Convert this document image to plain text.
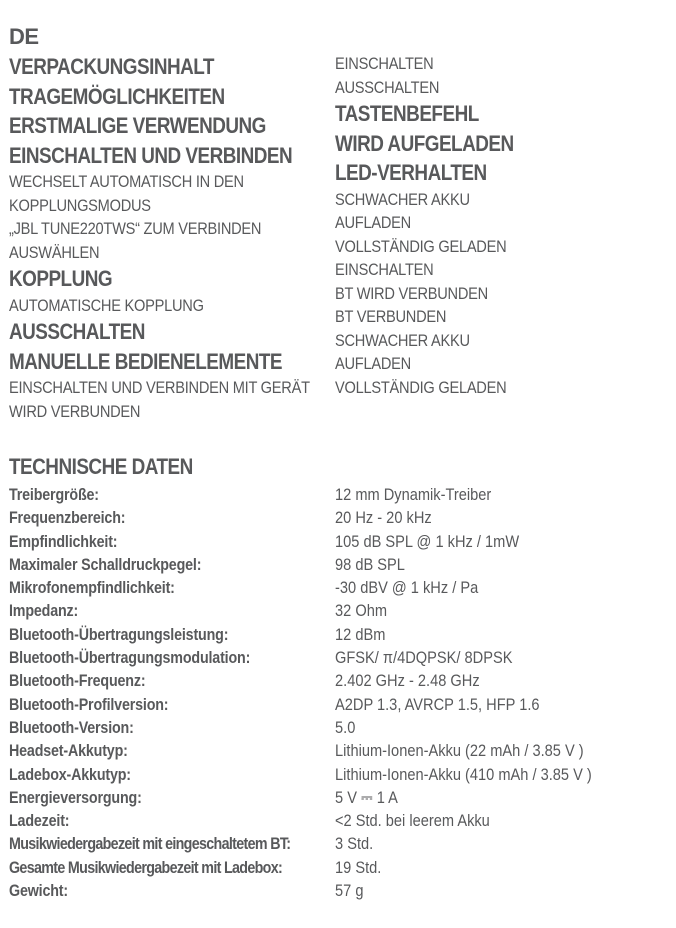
DE
VERPACKUNGSINHALT
TRAGEMÖGLICHKEITEN
ERSTMALIGE VERWENDUNG
EINSCHALTEN UND VERBINDEN
WECHSELT AUTOMATISCH IN DEN
KOPPLUNGSMODUS
„JBL TUNE220TWS“ ZUM VERBINDEN
AUSWÄHLEN
KOPPLUNG
AUTOMATISCHE KOPPLUNG
AUSSCHALTEN
MANUELLE BEDIENELEMENTE
EINSCHALTEN UND VERBINDEN MIT GERÄT
WIRD VERBUNDEN
EINSCHALTEN
AUSSCHALTEN
TASTENBEFEHL
WIRD AUFGELADEN
LED-VERHALTEN
SCHWACHER AKKU
AUFLADEN
VOLLSTÄNDIG GELADEN
EINSCHALTEN
BT WIRD VERBUNDEN
BT VERBUNDEN
SCHWACHER AKKU
AUFLADEN
VOLLSTÄNDIG GELADEN
TECHNISCHE DATEN
Treibergröße:	12 mm Dynamik-Treiber
Frequenzbereich:	20 Hz - 20 kHz
Empfindlichkeit:	105 dB SPL @ 1 kHz / 1mW
Maximaler Schalldruckpegel:	98 dB SPL
Mikrofonempfindlichkeit:	-30 dBV @ 1 kHz / Pa
Impedanz:	32 Ohm
Bluetooth-Übertragungsleistung:	12 dBm
Bluetooth-Übertragungsmodulation:	GFSK/ π/4DQPSK/ 8DPSK
Bluetooth-Frequenz:	2.402 GHz - 2.48 GHz
Bluetooth-Profilversion:	A2DP 1.3, AVRCP 1.5, HFP 1.6
Bluetooth-Version:	5.0
Headset-Akkutyp:	Lithium-Ionen-Akku (22 mAh / 3.85 V )
Ladebox-Akkutyp:	Lithium-Ionen-Akku (410 mAh / 3.85 V )
Energieversorgung:	5 V ⎓ 1 A
Ladezeit:	<2 Std. bei leerem Akku
Musikwiedergabezeit mit eingeschaltetem BT:	3 Std.
Gesamte Musikwiedergabezeit mit Ladebox:	19 Std.
Gewicht:	57 g
